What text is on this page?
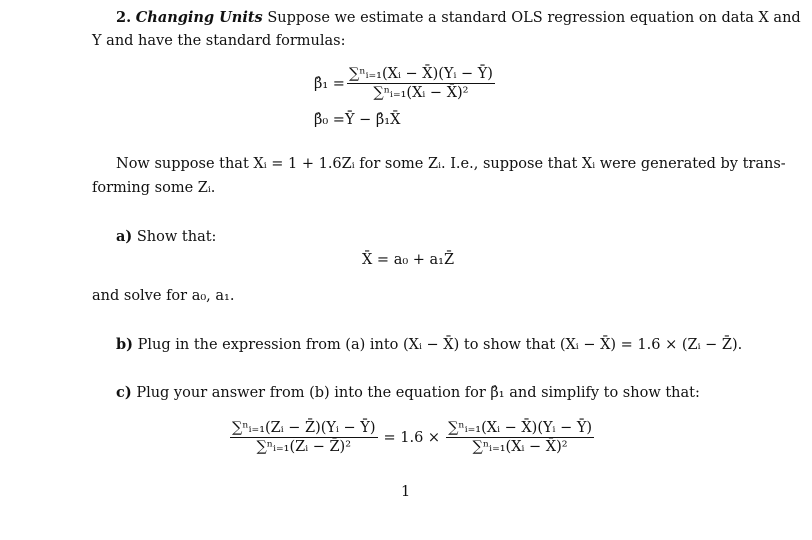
2. Changing Units Suppose we estimate a standard OLS regression equation on data X and
Y and have the standard formulas:
β̂₁ = $\frac{\text{∑ⁿᵢ₌₁(Xᵢ − X̄)(Yᵢ − Ȳ)}}{\text{∑ⁿᵢ₌₁(Xᵢ − X̄)²}}$
β̂₀ =Ȳ − β̂₁X̄
Now suppose that Xᵢ = 1 + 1.6Zᵢ for some Zᵢ. I.e., suppose that Xᵢ were generated by trans-
forming some Zᵢ.
a) Show that:
X̄ = a₀ + a₁Z̄
and solve for a₀, a₁.
b) Plug in the expression from (a) into (Xᵢ − X̄) to show that (Xᵢ − X̄) = 1.6 × (Zᵢ − Z̄).
c) Plug your answer from (b) into the equation for β̂₁ and simplify to show that:
$\frac{\text{∑ⁿᵢ₌₁(Zᵢ − Z̄)(Yᵢ − Ȳ)}}{\text{∑ⁿᵢ₌₁(Zᵢ − Z̄)²}} = 1.6 \times \frac{\text{∑ⁿᵢ₌₁(Xᵢ − X̄)(Yᵢ − Ȳ)}}{\text{∑ⁿᵢ₌₁(Xᵢ − X̄)²}}$
1
